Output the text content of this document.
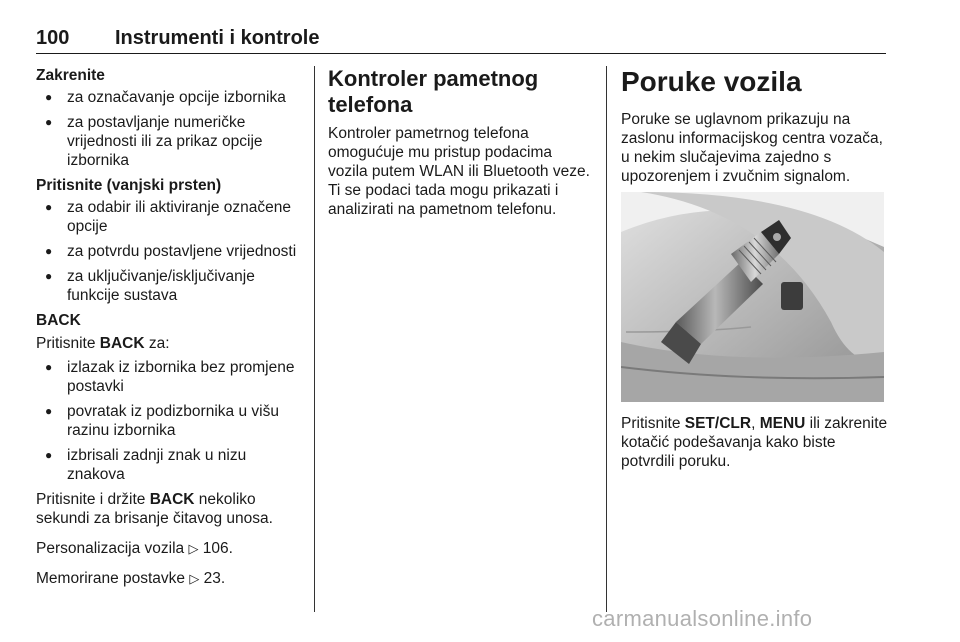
100 Instrumenti i kontrole

Zakrenite

● za označavanje opcije izbornika
● za postavljanje numeričke vrijednosti ili za prikaz opcije izbornika

Pritisnite (vanjski prsten)

● za odabir ili aktiviranje označene opcije
● za potvrdu postavljene vrijednosti
● za uključivanje/isključivanje funkcije sustava

BACK

Pritisnite BACK za:

● izlazak iz izbornika bez promjene postavki
● povratak iz podizbornika u višu razinu izbornika
● izbrisali zadnji znak u nizu znakova

Pritisnite i držite BACK nekoliko sekundi za brisanje čitavog unosa.

Personalizacija vozila ▷ 106.

Memorirane postavke ▷ 23.

Kontroler pametnog telefona

Kontroler pametrnog telefona omogućuje mu pristup podacima vozila putem WLAN ili Bluetooth veze. Ti se podaci tada mogu prikazati i analizirati na pametnom telefonu.

Poruke vozila

Poruke se uglavnom prikazuju na zaslonu informacijskog centra vozača, u nekim slučajevima zajedno s upozorenjem i zvučnim signalom.

Pritisnite SET/CLR, MENU ili zakrenite kotačić podešavanja kako biste potvrdili poruku.

carmanualsonline.info
